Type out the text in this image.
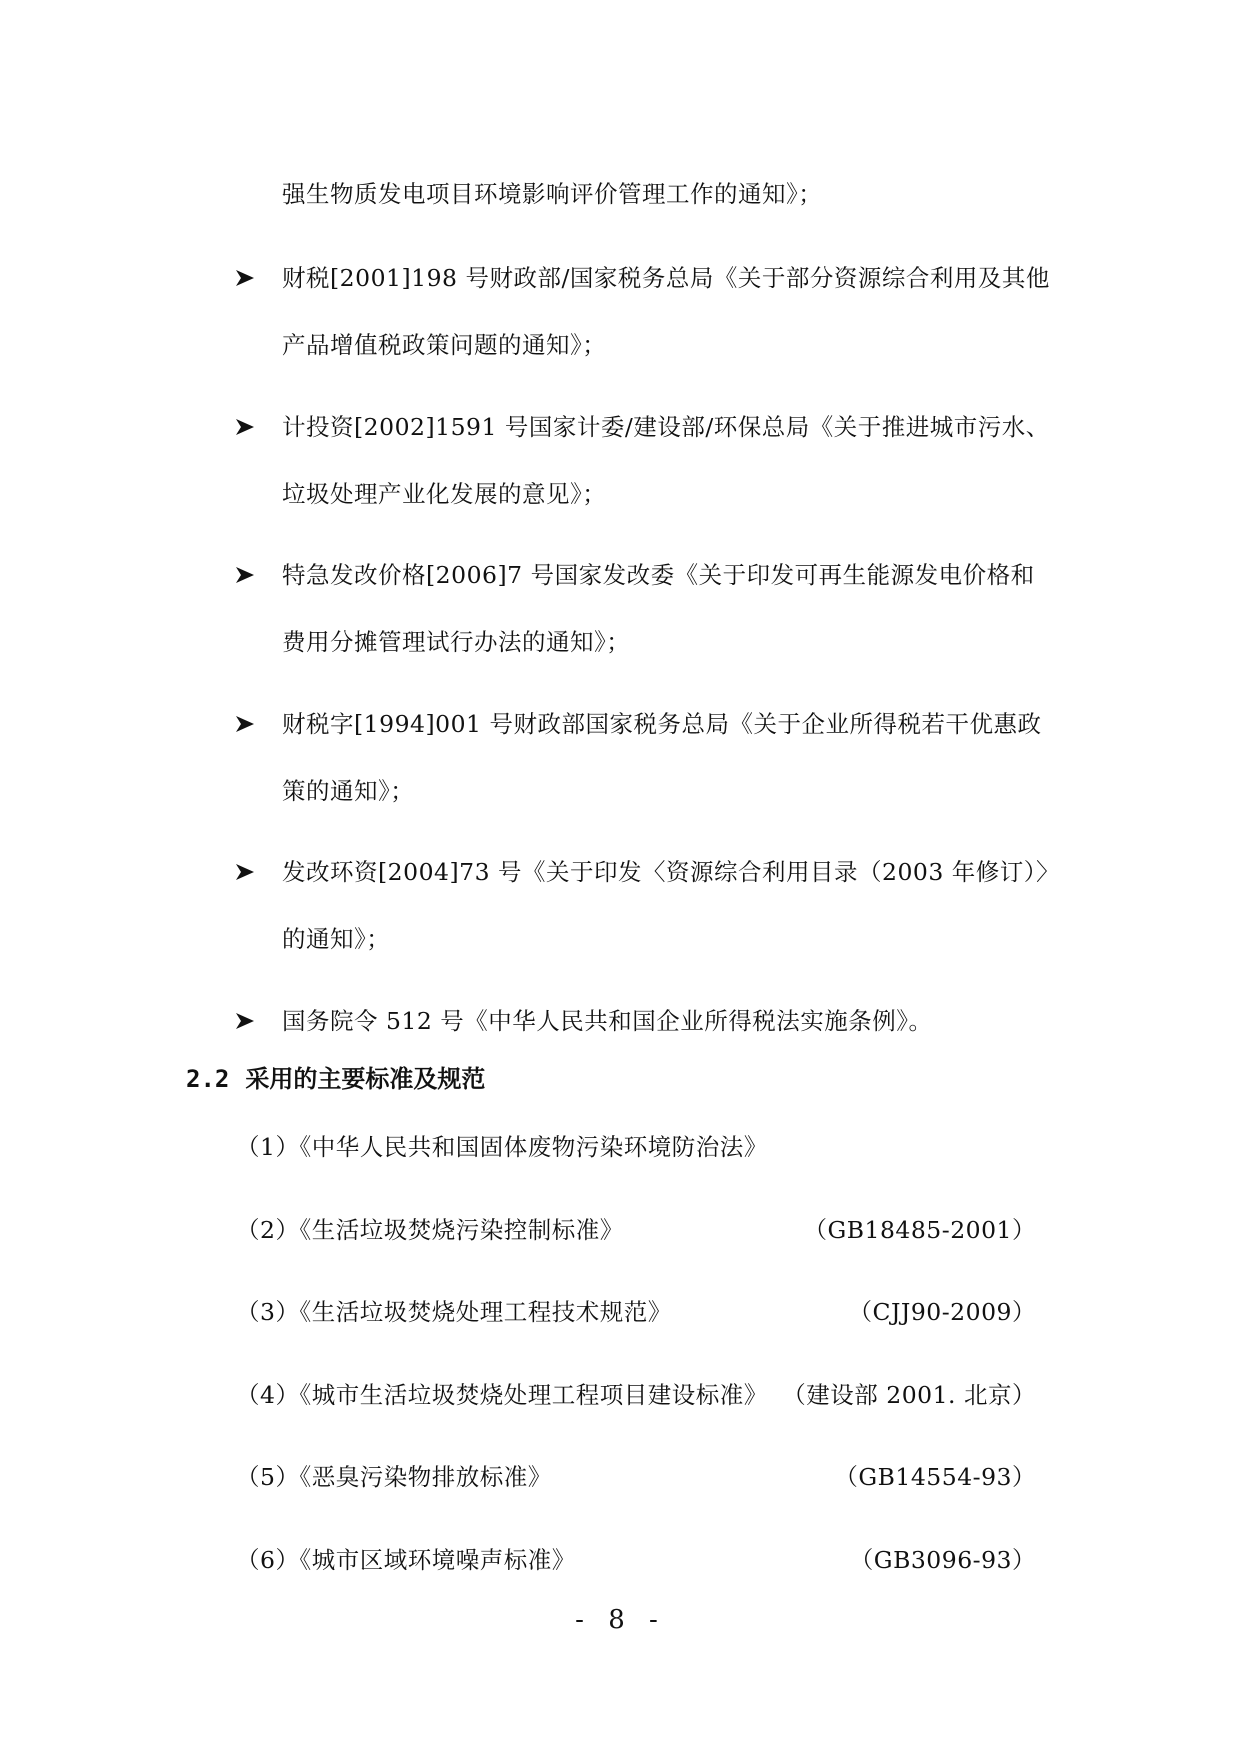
强生物质发电项目环境影响评价管理工作的通知》；
财税[2001]198 号财政部/国家税务总局《关于部分资源综合利用及其他
产品增值税政策问题的通知》；
计投资[2002]1591 号国家计委/建设部/环保总局《关于推进城市污水、
垃圾处理产业化发展的意见》；
特急发改价格[2006]7 号国家发改委《关于印发可再生能源发电价格和
费用分摊管理试行办法的通知》；
财税字[1994]001 号财政部国家税务总局《关于企业所得税若干优惠政
策的通知》；
发改环资[2004]73 号《关于印发〈资源综合利用目录（2003 年修订）〉
的通知》；
国务院令 512 号《中华人民共和国企业所得税法实施条例》。
2.2 采用的主要标准及规范
（1）《中华人民共和国固体废物污染环境防治法》
（2）《生活垃圾焚烧污染控制标准》	（GB18485-2001）
（3）《生活垃圾焚烧处理工程技术规范》	（CJJ90-2009）
（4）《城市生活垃圾焚烧处理工程项目建设标准》 （建设部 2001. 北京）
（5）《恶臭污染物排放标准》	（GB14554-93）
（6）《城市区域环境噪声标准》	（GB3096-93）
- 8 -
